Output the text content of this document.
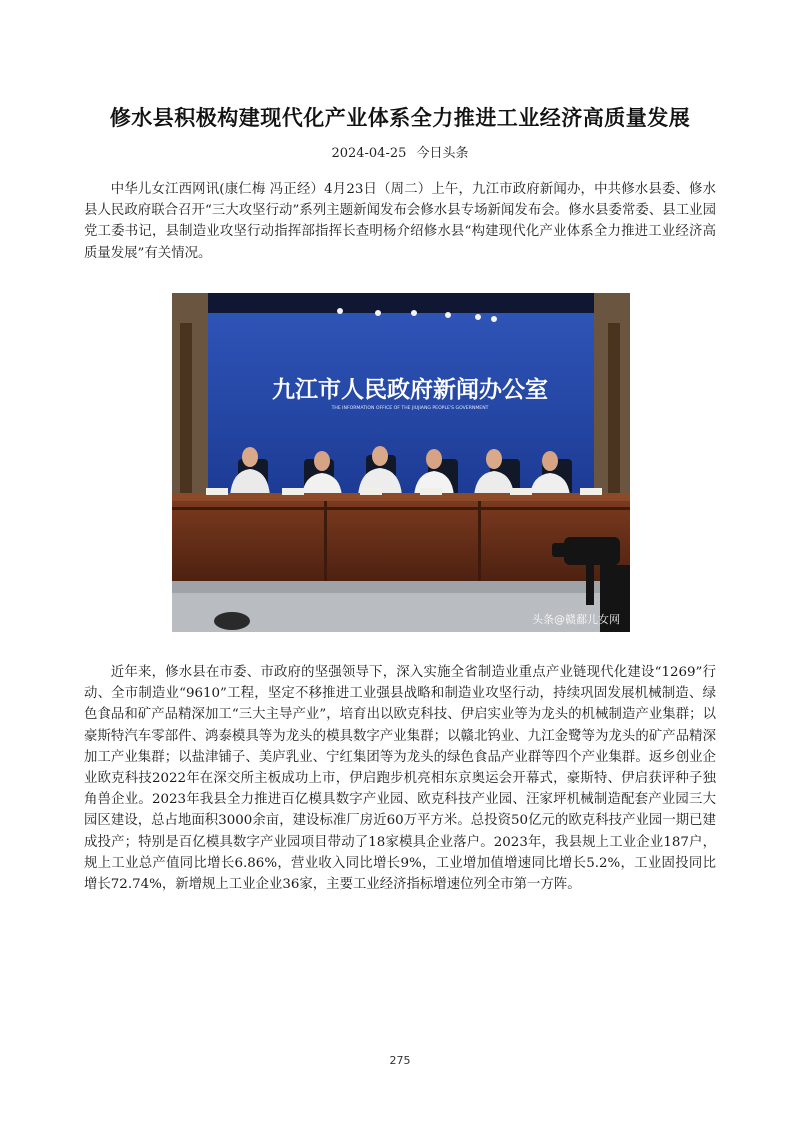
修水县积极构建现代化产业体系全力推进工业经济高质量发展
2024-04-25 今日头条

中华儿女江西网讯(康仁梅 冯正经）4月23日（周二）上午，九江市政府新闻办，中共修水县委、修水县人民政府联合召开“三大攻坚行动”系列主题新闻发布会修水县专场新闻发布会。修水县委常委、县工业园党工委书记，县制造业攻坚行动指挥部指挥长查明杨介绍修水县“构建现代化产业体系全力推进工业经济高质量发展”有关情况。

九江市人民政府新闻办公室
THE INFORMATION OFFICE OF THE JIUJIANG PEOPLE'S GOVERNMENT
头条@赣鄱儿女网

近年来，修水县在市委、市政府的坚强领导下，深入实施全省制造业重点产业链现代化建设“1269”行动、全市制造业“9610”工程，坚定不移推进工业强县战略和制造业攻坚行动，持续巩固发展机械制造、绿色食品和矿产品精深加工“三大主导产业”，培育出以欧克科技、伊启实业等为龙头的机械制造产业集群；以豪斯特汽车零部件、鸿泰模具等为龙头的模具数字产业集群；以赣北钨业、九江金鹭等为龙头的矿产品精深加工产业集群；以盐津铺子、美庐乳业、宁红集团等为龙头的绿色食品产业群等四个产业集群。返乡创业企业欧克科技2022年在深交所主板成功上市，伊启跑步机亮相东京奥运会开幕式，豪斯特、伊启获评种子独角兽企业。2023年我县全力推进百亿模具数字产业园、欧克科技产业园、汪家坪机械制造配套产业园三大园区建设，总占地面积3000余亩，建设标准厂房近60万平方米。总投资50亿元的欧克科技产业园一期已建成投产；特别是百亿模具数字产业园项目带动了18家模具企业落户。2023年，我县规上工业企业187户，规上工业总产值同比增长6.86%，营业收入同比增长9%，工业增加值增速同比增长5.2%，工业固投同比增长72.74%，新增规上工业企业36家，主要工业经济指标增速位列全市第一方阵。

275
